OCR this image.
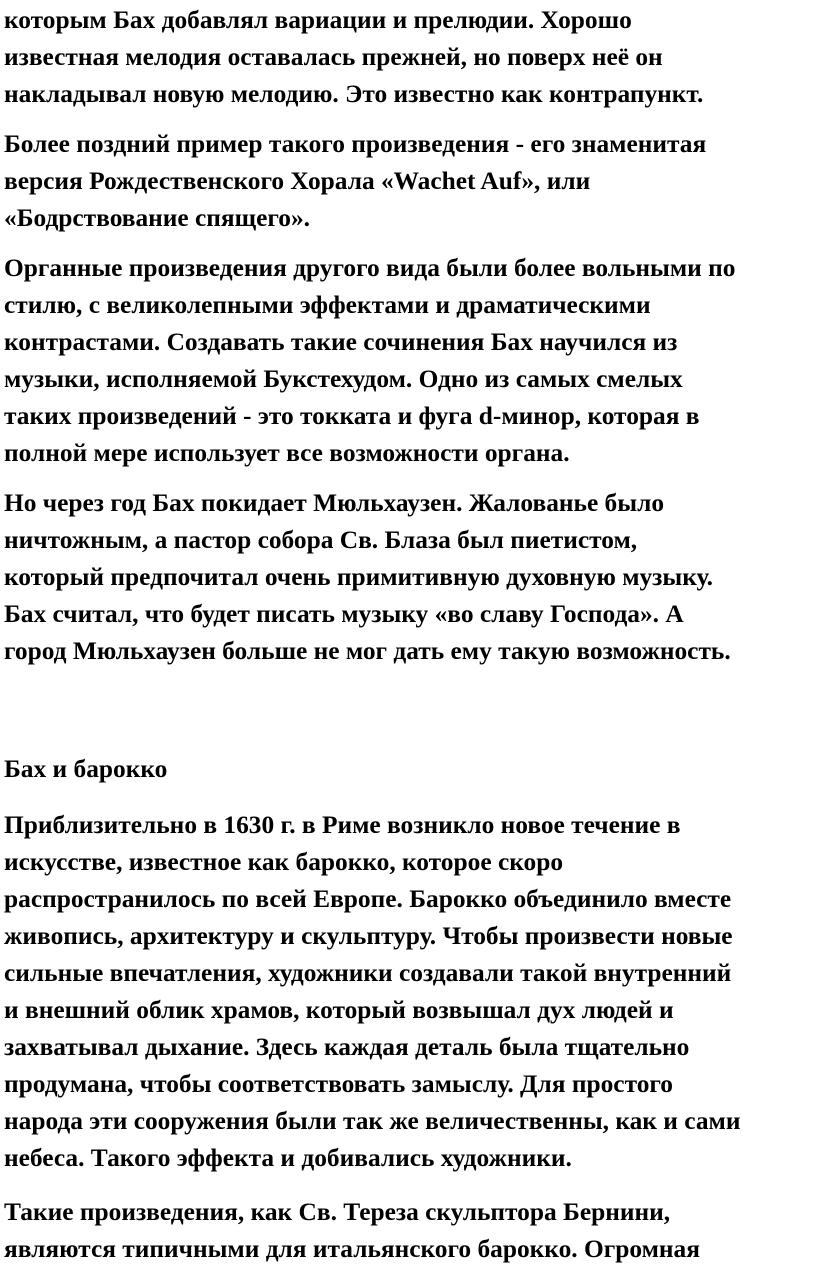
которым Бах добавлял вариации и прелюдии. Хорошо
известная мелодия оставалась прежней, но поверх неё он
накладывал новую мелодию. Это известно как контрапункт.
Более поздний пример такого произведения - его знаменитая
версия Рождественского Хорала «Wachet Auf», или
«Бодрствование спящего».
Органные произведения другого вида были более вольными по
стилю, с великолепными эффектами и драматическими
контрастами. Создавать такие сочинения Бах научился из
музыки, исполняемой Букстехудом. Одно из самых смелых
таких произведений - это токката и фуга d-минор, которая в
полной мере использует все возможности органа.
Но через год Бах покидает Мюльхаузен. Жалованье было
ничтожным, а пастор собора Св. Блаза был пиетистом,
который предпочитал очень примитивную духовную музыку.
Бах считал, что будет писать музыку «во славу Господа». А
город Мюльхаузен больше не мог дать ему такую возможность.
Бах и барокко
Приблизительно в 1630 г. в Риме возникло новое течение в
искусстве, известное как барокко, которое скоро
распространилось по всей Европе. Барокко объединило вместе
живопись, архитектуру и скульптуру. Чтобы произвести новые
сильные впечатления, художники создавали такой внутренний
и внешний облик храмов, который возвышал дух людей и
захватывал дыхание. Здесь каждая деталь была тщательно
продумана, чтобы соответствовать замыслу. Для простого
народа эти сооружения были так же величественны, как и сами
небеса. Такого эффекта и добивались художники.
Такие произведения, как Св. Тереза скульптора Бернини,
являются типичными для итальянского барокко. Огромная
